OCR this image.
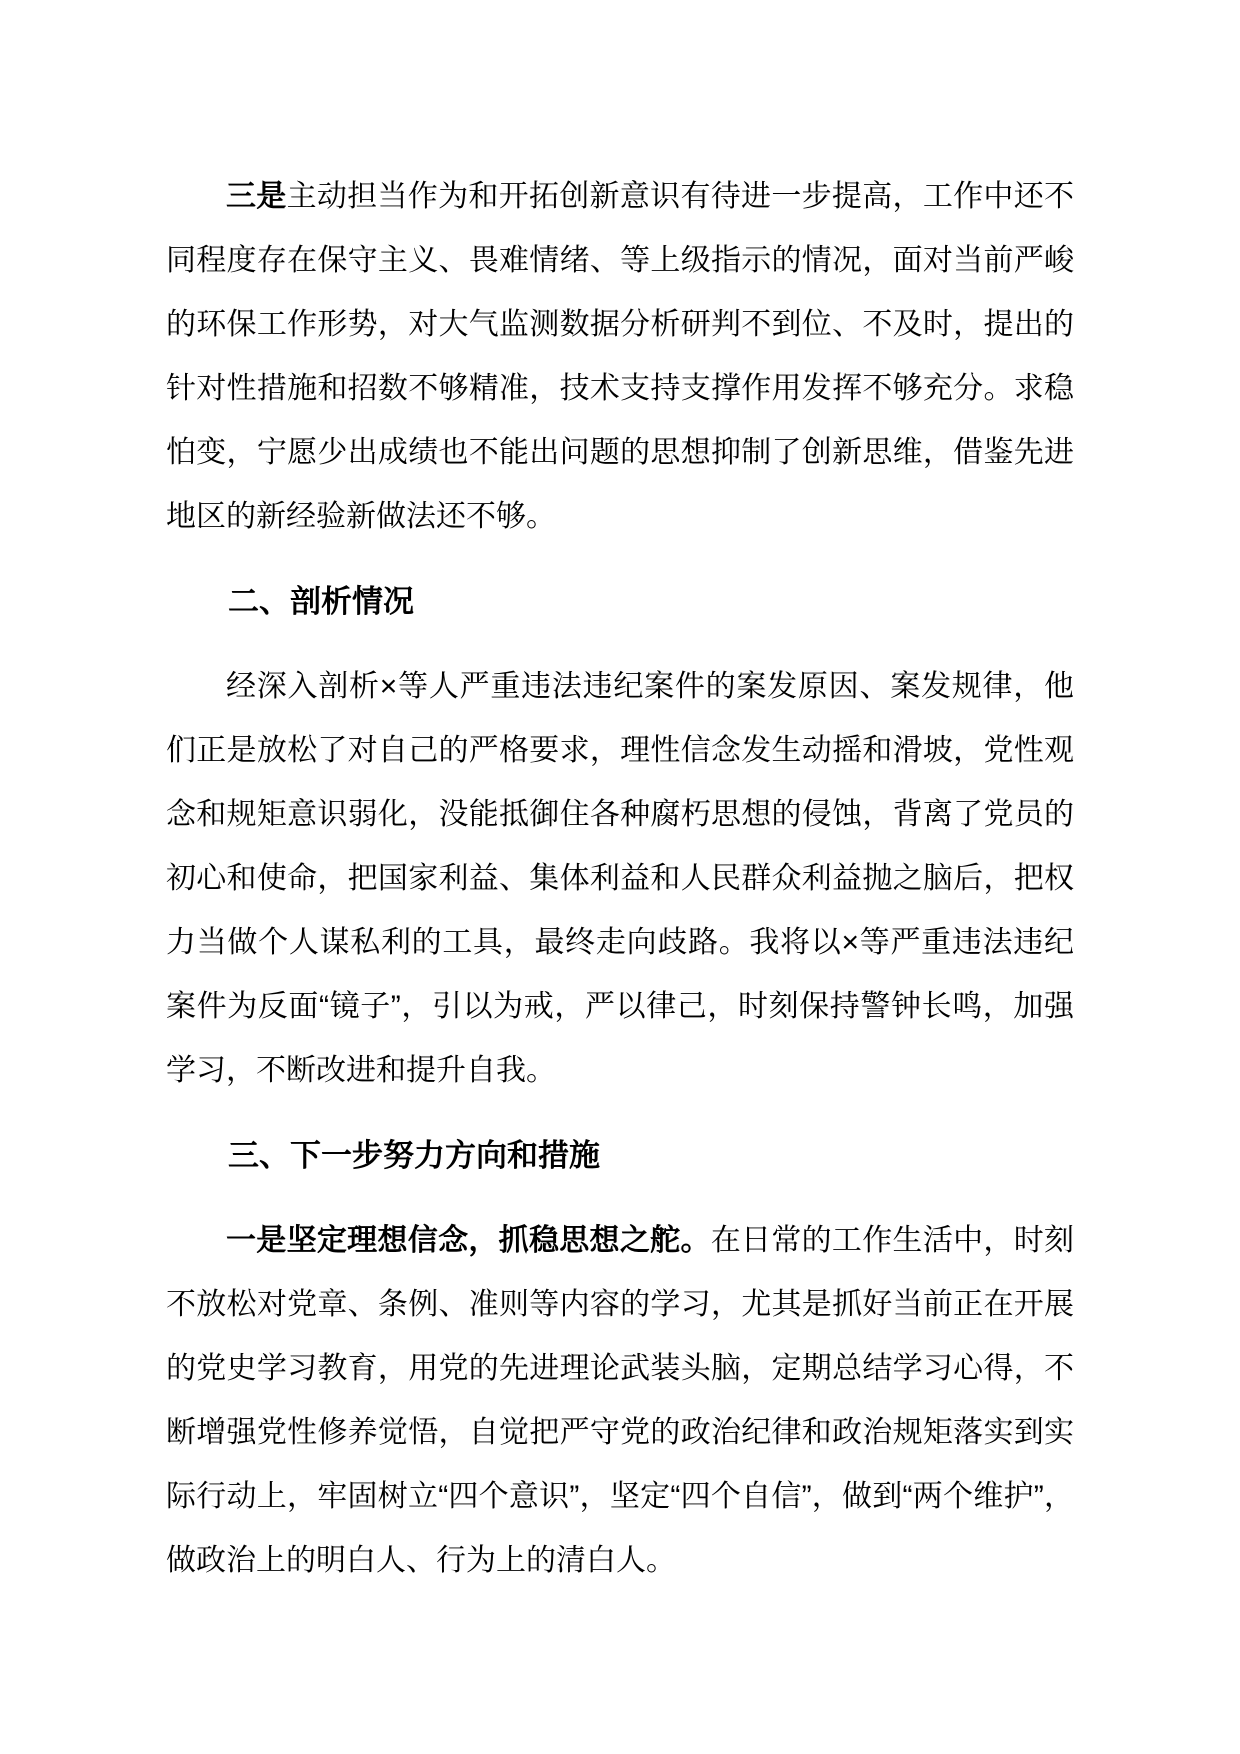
三是主动担当作为和开拓创新意识有待进一步提高，工作中还不同程度存在保守主义、畏难情绪、等上级指示的情况，面对当前严峻的环保工作形势，对大气监测数据分析研判不到位、不及时，提出的针对性措施和招数不够精准，技术支持支撑作用发挥不够充分。求稳怕变，宁愿少出成绩也不能出问题的思想抑制了创新思维，借鉴先进地区的新经验新做法还不够。

二、剖析情况

经深入剖析×等人严重违法违纪案件的案发原因、案发规律，他们正是放松了对自己的严格要求，理性信念发生动摇和滑坡，党性观念和规矩意识弱化，没能抵御住各种腐朽思想的侵蚀，背离了党员的初心和使命，把国家利益、集体利益和人民群众利益抛之脑后，把权力当做个人谋私利的工具，最终走向歧路。我将以×等严重违法违纪案件为反面“镜子”，引以为戒，严以律己，时刻保持警钟长鸣，加强学习，不断改进和提升自我。

三、下一步努力方向和措施

一是坚定理想信念，抓稳思想之舵。在日常的工作生活中，时刻不放松对党章、条例、准则等内容的学习，尤其是抓好当前正在开展的党史学习教育，用党的先进理论武装头脑，定期总结学习心得，不断增强党性修养觉悟，自觉把严守党的政治纪律和政治规矩落实到实际行动上，牢固树立“四个意识”，坚定“四个自信”，做到“两个维护”，做政治上的明白人、行为上的清白人。
